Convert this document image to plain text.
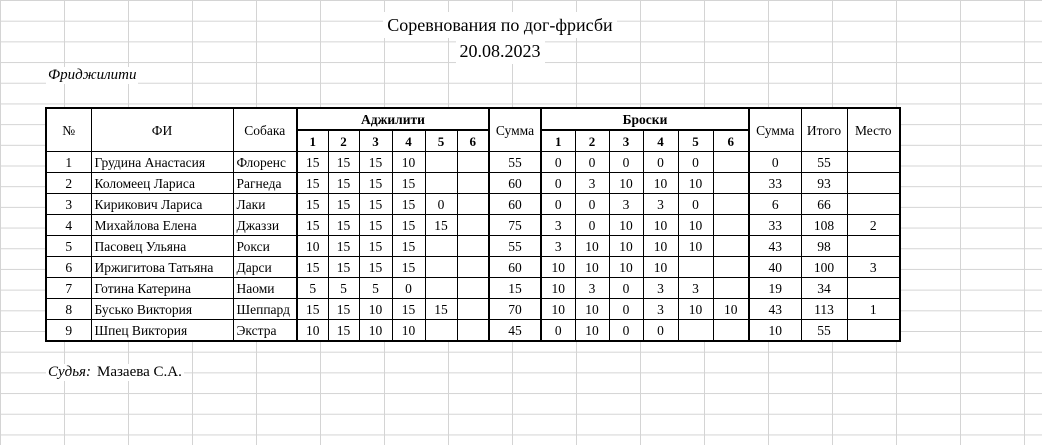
Соревнования по дог-фрисби
20.08.2023
Фриджилити
№	ФИ	Собака	Аджилити						Сумма	Броски						Сумма	Итого	Место
			1	2	3	4	5	6		1	2	3	4	5	6			
1	Грудина Анастасия	Флоренс	15	15	15	10			55	0	0	0	0	0		0	55	
2	Коломеец Лариса	Рагнеда	15	15	15	15			60	0	3	10	10	10		33	93	
3	Кирикович Лариса	Лаки	15	15	15	15	0		60	0	0	3	3	0		6	66	
4	Михайлова Елена	Джаззи	15	15	15	15	15		75	3	0	10	10	10		33	108	2
5	Пасовец Ульяна	Рокси	10	15	15	15			55	3	10	10	10	10		43	98	
6	Иржигитова Татьяна	Дарси	15	15	15	15			60	10	10	10	10			40	100	3
7	Готина Катерина	Наоми	5	5	5	0			15	10	3	0	3	3		19	34	
8	Бусько Виктория	Шеппард	15	15	10	15	15		70	10	10	0	3	10	10	43	113	1
9	Шпец Виктория	Экстра	10	15	10	10			45	0	10	0	0			10	55	
Судья: Мазаева С.А.
